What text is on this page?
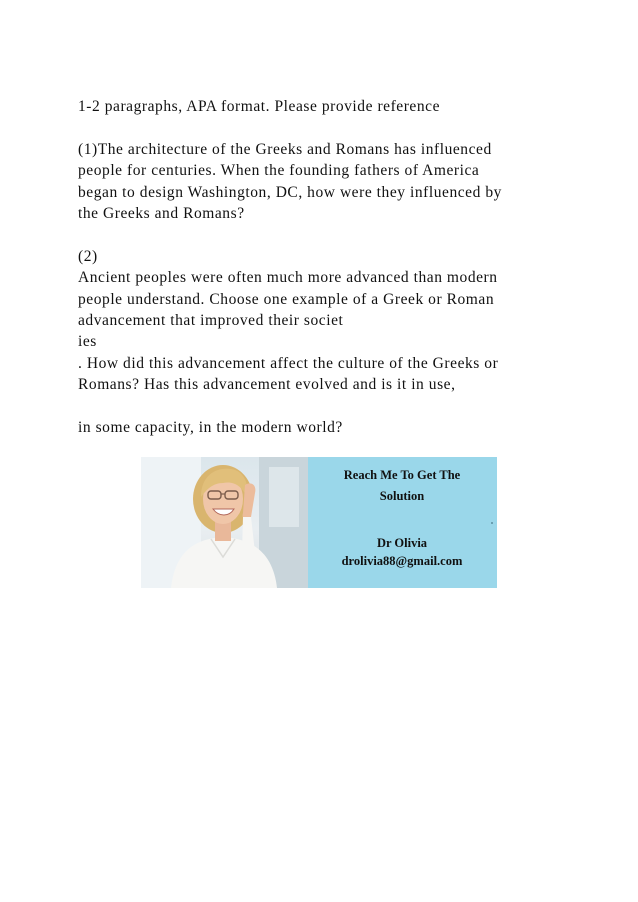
1-2 paragraphs, APA format. Please provide reference
(1)The architecture of the Greeks and Romans has influenced
people for centuries. When the founding fathers of America
began to design Washington, DC, how were they influenced by
the Greeks and Romans?
(2)
Ancient peoples were often much more advanced than modern
people understand. Choose one example of a Greek or Roman
advancement that improved their societ
ies
. How did this advancement affect the culture of the Greeks or
Romans? Has this advancement evolved and is it in use,
in some capacity, in the modern world?
Reach Me To Get The
Solution
Dr Olivia
drolivia88@gmail.com
